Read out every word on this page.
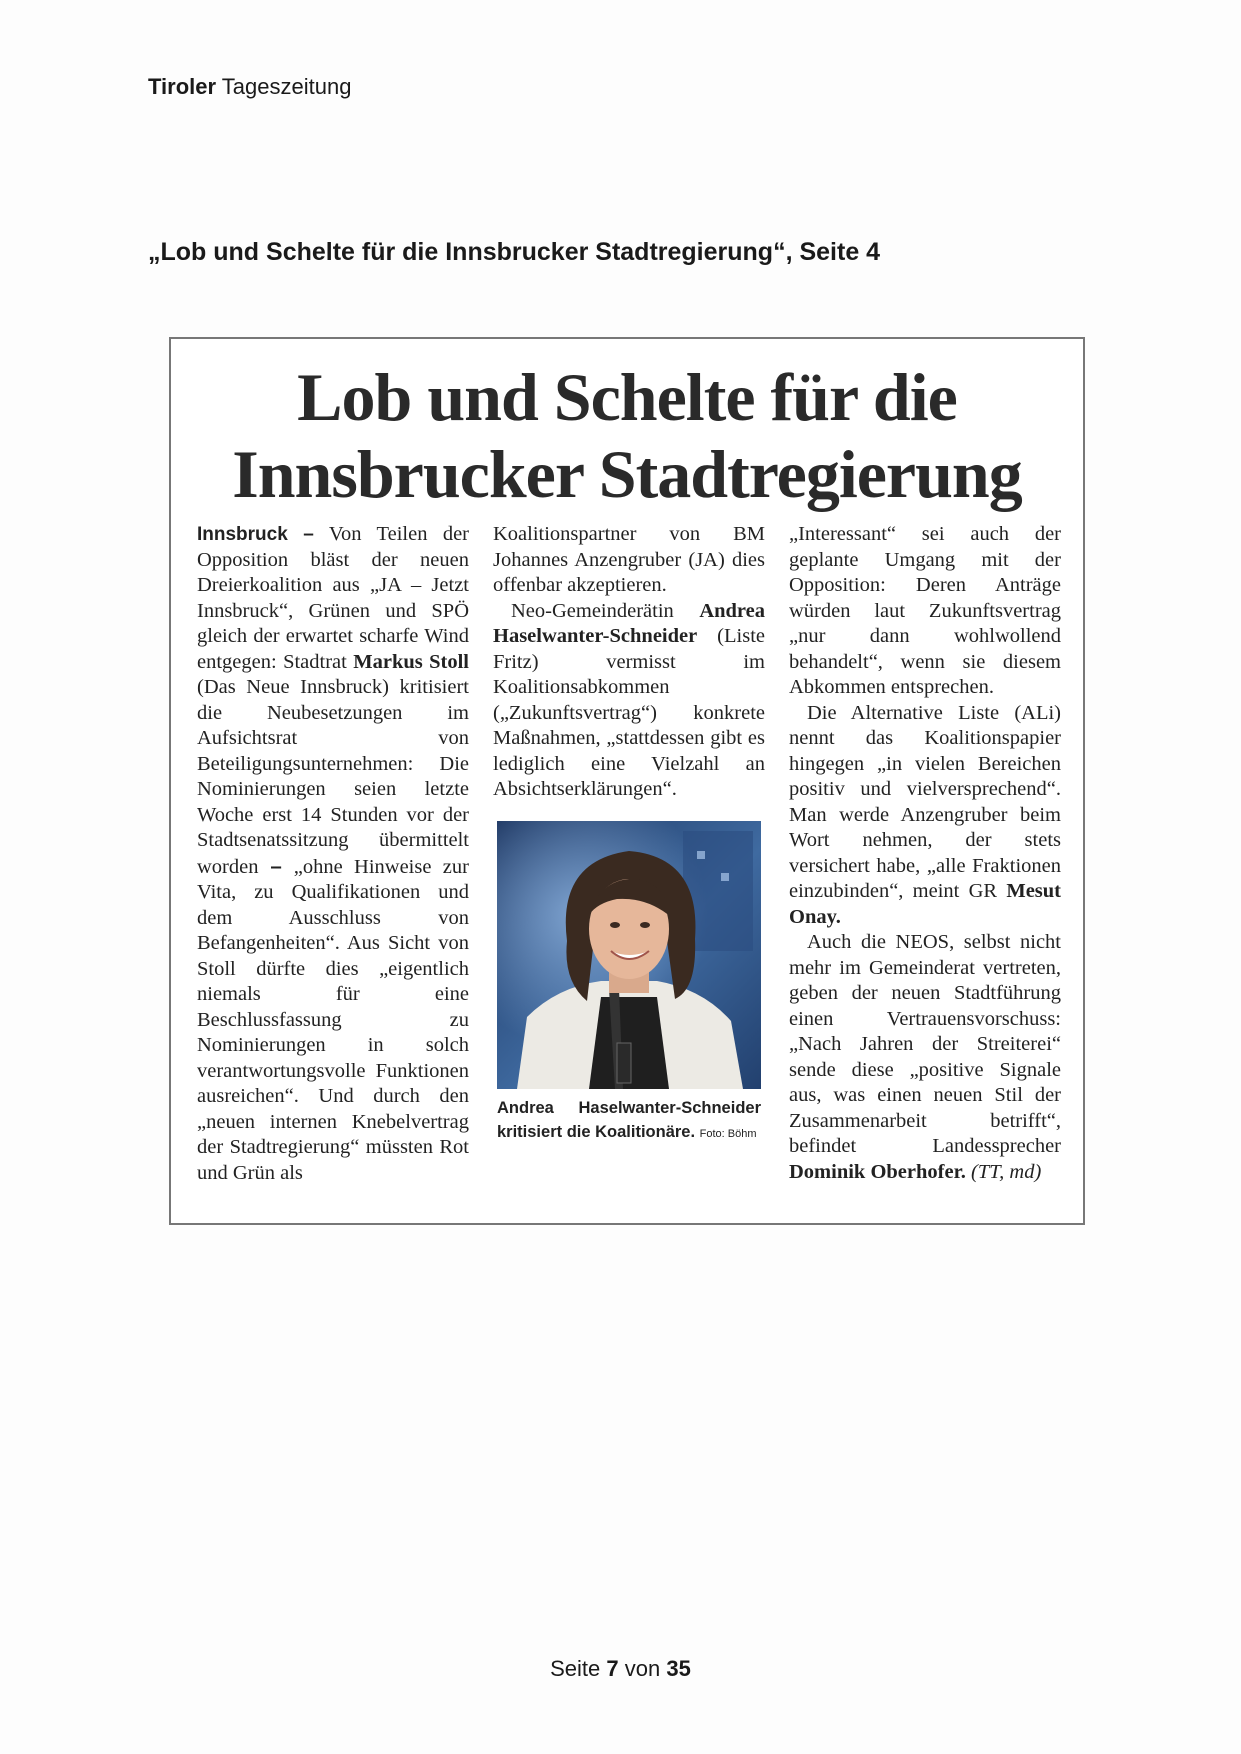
Tiroler Tageszeitung
„Lob und Schelte für die Innsbrucker Stadtregierung“, Seite 4
Lob und Schelte für die
Innsbrucker Stadtregierung

Innsbruck – Von Teilen der Opposition bläst der neuen Dreierkoalition aus „JA – Jetzt Innsbruck“, Grünen und SPÖ gleich der erwartet scharfe Wind entgegen: Stadtrat Markus Stoll (Das Neue Innsbruck) kritisiert die Neubesetzungen im Aufsichtsrat von Beteiligungsunternehmen: Die Nominierungen seien letzte Woche erst 14 Stunden vor der Stadtsenatssitzung übermittelt worden – „ohne Hinweise zur Vita, zu Qualifikationen und dem Ausschluss von Befangenheiten“. Aus Sicht von Stoll dürfte dies „eigentlich niemals für eine Beschlussfassung zu Nominierungen in solch verantwortungsvolle Funktionen ausreichen“. Und durch den „neuen internen Knebelvertrag der Stadtregierung“ müssten Rot und Grün als

Koalitionspartner von BM Johannes Anzengruber (JA) dies offenbar akzeptieren.

Neo-Gemeinderätin Andrea Haselwanter-Schneider (Liste Fritz) vermisst im Koalitionsabkommen („Zukunftsvertrag“) konkrete Maßnahmen, „stattdessen gibt es lediglich eine Vielzahl an Absichtserklärungen“.

Andrea Haselwanter-Schneider
kritisiert die Koalitionäre. Foto: Böhm

„Interessant“ sei auch der geplante Umgang mit der Opposition: Deren Anträge würden laut Zukunftsvertrag „nur dann wohlwollend behandelt“, wenn sie diesem Abkommen entsprechen.

Die Alternative Liste (ALi) nennt das Koalitionspapier hingegen „in vielen Bereichen positiv und vielversprechend“. Man werde Anzengruber beim Wort nehmen, der stets versichert habe, „alle Fraktionen einzubinden“, meint GR Mesut Onay.

Auch die NEOS, selbst nicht mehr im Gemeinderat vertreten, geben der neuen Stadtführung einen Vertrauensvorschuss: „Nach Jahren der Streiterei“ sende diese „positive Signale aus, was einen neuen Stil der Zusammenarbeit betrifft“, befindet Landessprecher Dominik Oberhofer. (TT, md)

Seite 7 von 35
